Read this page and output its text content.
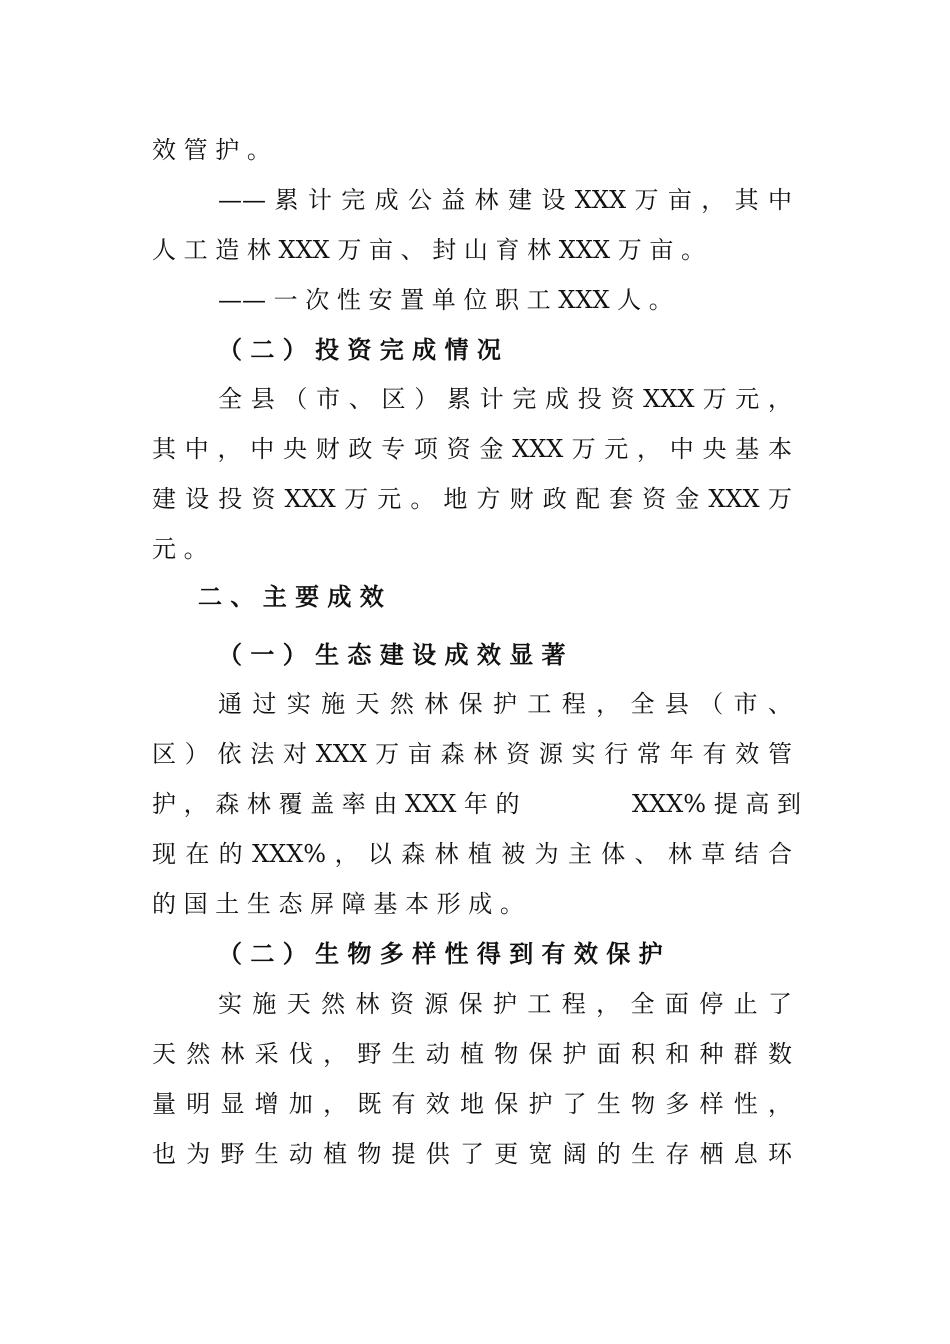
效 管 护 。
—— 累 计 完 成 公 益 林 建 设 XXX 万 亩 ， 其 中
人 工 造 林 XXX 万 亩 、 封 山 育 林 XXX 万 亩 。
—— 一 次 性 安 置 单 位 职 工 XXX 人 。
（ 二 ） 投 资 完 成 情 况
全 县 （ 市 、 区 ） 累 计 完 成 投 资 XXX 万 元 ，
其 中 ， 中 央 财 政 专 项 资 金 XXX 万 元 ， 中 央 基 本
建 设 投 资 XXX 万 元 。 地 方 财 政 配 套 资 金 XXX 万
元 。
二 、 主 要 成 效
（ 一 ） 生 态 建 设 成 效 显 著
通 过 实 施 天 然 林 保 护 工 程 ， 全 县 （ 市 、
区 ） 依 法 对 XXX 万 亩 森 林 资 源 实 行 常 年 有 效 管
护 ， 森 林 覆 盖 率 由 XXX 年 的	XXX% 提 高 到
现 在 的 XXX% ， 以 森 林 植 被 为 主 体 、 林 草 结 合
的 国 土 生 态 屏 障 基 本 形 成 。
（ 二 ） 生 物 多 样 性 得 到 有 效 保 护
实 施 天 然 林 资 源 保 护 工 程 ， 全 面 停 止 了
天 然 林 采 伐 ， 野 生 动 植 物 保 护 面 积 和 种 群 数
量 明 显 增 加 ， 既 有 效 地 保 护 了 生 物 多 样 性 ，
也 为 野 生 动 植 物 提 供 了 更 宽 阔 的 生 存 栖 息 环
